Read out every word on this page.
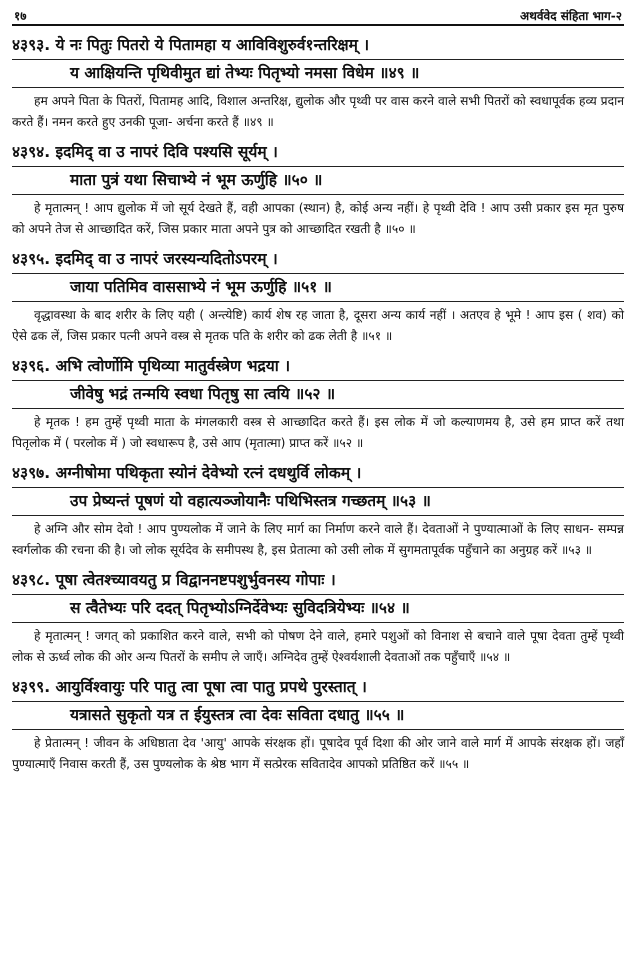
१७	अथर्ववेद संहिता भाग-२
४३९३. ये नः पितुः पितरो ये पितामहा य आविविशुरुर्व१न्तरिक्षम् ।
य आक्षियन्ति पृथिवीमुत द्यां तेभ्यः पितृभ्यो नमसा विधेम ॥४९ ॥
हम अपने पिता के पितरों, पितामह आदि, विशाल अन्तरिक्ष, द्युलोक और पृथ्वी पर वास करने वाले सभी पितरों को स्वधापूर्वक हव्य प्रदान करते हैं। नमन करते हुए उनकी पूजा- अर्चना करते हैं ॥४९ ॥
४३९४. इदमिद् वा उ नापरं दिवि पश्यसि सूर्यम् ।
माता पुत्रं यथा सिचाभ्ये नं भूम ऊर्णुहि ॥५० ॥
हे मृतात्मन् ! आप द्युलोक में जो सूर्य देखते हैं, वही आपका (स्थान) है, कोई अन्य नहीं। हे पृथ्वी देवि ! आप उसी प्रकार इस मृत पुरुष को अपने तेज से आच्छादित करें, जिस प्रकार माता अपने पुत्र को आच्छादित रखती है ॥५० ॥
४३९५. इदमिद् वा उ नापरं जरस्यन्यदितोऽपरम् ।
जाया पतिमिव वाससाभ्ये नं भूम ऊर्णुहि ॥५१ ॥
वृद्धावस्था के बाद शरीर के लिए यही ( अन्त्येष्टि) कार्य शेष रह जाता है, दूसरा अन्य कार्य नहीं । अतएव हे भूमे ! आप इस ( शव) को ऐसे ढक लें, जिस प्रकार पत्नी अपने वस्त्र से मृतक पति के शरीर को ढक लेती है ॥५१ ॥
४३९६. अभि त्वोर्णोमि पृथिव्या मातुर्वस्त्रेण भद्रया ।
जीवेषु भद्रं तन्मयि स्वधा पितृषु सा त्वयि ॥५२ ॥
हे मृतक ! हम तुम्हें पृथ्वी माता के मंगलकारी वस्त्र से आच्छादित करते हैं। इस लोक में जो कल्याणमय है, उसे हम प्राप्त करें तथा पितृलोक में ( परलोक में ) जो स्वधारूप है, उसे आप (मृतात्मा) प्राप्त करें ॥५२ ॥
४३९७. अग्नीषोमा पथिकृता स्योनं देवेभ्यो रत्नं दधथुर्वि लोकम् ।
उप प्रेष्यन्तं पूषणं यो वहात्यञ्जोयानैः पथिभिस्तत्र गच्छतम् ॥५३ ॥
हे अग्नि और सोम देवो ! आप पुण्यलोक में जाने के लिए मार्ग का निर्माण करने वाले हैं। देवताओं ने पुण्यात्माओं के लिए साधन- सम्पन्न स्वर्गलोक की रचना की है। जो लोक सूर्यदेव के समीपस्थ है, इस प्रेतात्मा को उसी लोक में सुगमतापूर्वक पहुँचाने का अनुग्रह करें ॥५३ ॥
४३९८. पूषा त्वेतश्च्यावयतु प्र विद्वाननष्टपशुर्भुवनस्य गोपाः ।
स त्वैतेभ्यः परि ददत् पितृभ्योऽग्निर्देवेभ्यः सुविदत्रियेभ्यः ॥५४ ॥
हे मृतात्मन् ! जगत् को प्रकाशित करने वाले, सभी को पोषण देने वाले, हमारे पशुओं को विनाश से बचाने वाले पूषा देवता तुम्हें पृथ्वी लोक से ऊर्ध्व लोक की ओर अन्य पितरों के समीप ले जाएँ। अग्निदेव तुम्हें ऐश्वर्यशाली देवताओं तक पहुँचाएँ ॥५४ ॥
४३९९. आयुर्विश्वायुः परि पातु त्वा पूषा त्वा पातु प्रपथे पुरस्तात् ।
यत्रासते सुकृतो यत्र त ईयुस्तत्र त्वा देवः सविता दधातु ॥५५ ॥
हे प्रेतात्मन् ! जीवन के अधिष्ठाता देव 'आयु' आपके संरक्षक हों। पूषादेव पूर्व दिशा की ओर जाने वाले मार्ग में आपके संरक्षक हों। जहाँ पुण्यात्माएँ निवास करती हैं, उस पुण्यलोक के श्रेष्ठ भाग में सत्प्रेरक सवितादेव आपको प्रतिष्ठित करें ॥५५ ॥
